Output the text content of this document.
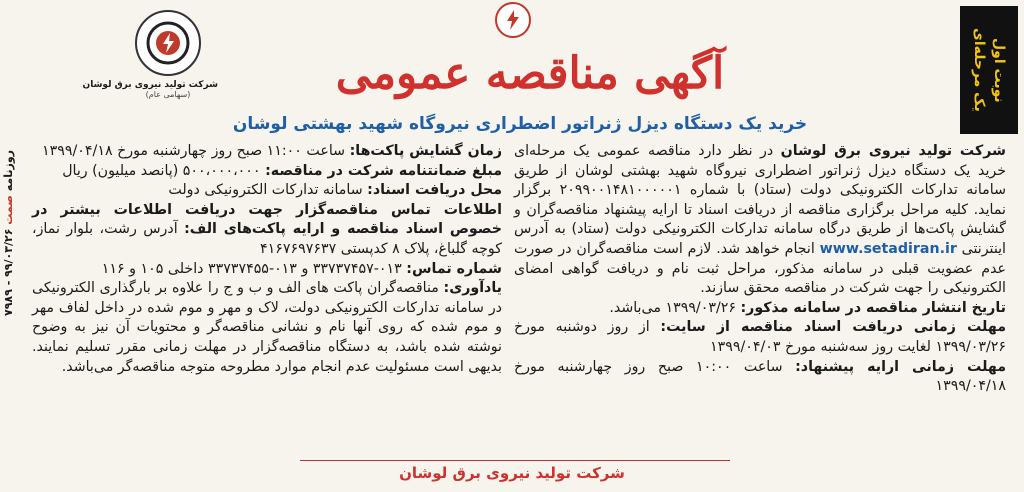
نوبت اول
یک مرحله‌ای
شرکت تولید نیروی برق لوشان
(سهامی عام)
روزنامه صمت ۹۹/۰۳/۲۶ - ۷۹۸۹
آگهی مناقصه عمومی
خرید یک دستگاه دیزل ژنراتور اضطراری نیروگاه شهید بهشتی لوشان

شرکت تولید نیروی برق لوشان در نظر دارد مناقصه عمومی یک مرحله‌ای خرید یک دستگاه دیزل ژنراتور اضطراری نیروگاه شهید بهشتی لوشان از طریق سامانه تدارکات الکترونیکی دولت (ستاد) با شماره ۲۰۹۹۰۰۱۴۸۱۰۰۰۰۰۱ برگزار نماید. کلیه مراحل برگزاری مناقصه از دریافت اسناد تا ارایه پیشنهاد مناقصه‌گران و گشایش پاکت‌ها از طریق درگاه سامانه تدارکات الکترونیکی دولت (ستاد) به آدرس اینترنتی www.setadiran.ir انجام خواهد شد. لازم است مناقصه‌گران در صورت عدم عضویت قبلی در سامانه مذکور، مراحل ثبت نام و دریافت گواهی امضای الکترونیکی را جهت شرکت در مناقصه محقق سازند.

تاریخ انتشار مناقصه در سامانه مذکور: ۱۳۹۹/۰۳/۲۶ می‌باشد.

مهلت زمانی دریافت اسناد مناقصه از سایت: از روز دوشنبه مورخ ۱۳۹۹/۰۳/۲۶ لغایت روز سه‌شنبه مورخ ۱۳۹۹/۰۴/۰۳

مهلت زمانی ارایه پیشنهاد: ساعت ۱۰:۰۰ صبح روز چهارشنبه مورخ ۱۳۹۹/۰۴/۱۸

زمان گشایش پاکت‌ها: ساعت ۱۱:۰۰ صبح روز چهارشنبه مورخ ۱۳۹۹/۰۴/۱۸

مبلغ ضمانتنامه شرکت در مناقصه: ۵۰۰،۰۰۰،۰۰۰ (پانصد میلیون) ریال

محل دریافت اسناد: سامانه تدارکات الکترونیکی دولت

اطلاعات تماس مناقصه‌گزار جهت دریافت اطلاعات بیشتر در خصوص اسناد مناقصه و ارایه پاکت‌های الف: آدرس رشت، بلوار نماز، کوچه گلباغ، پلاک ۸ کدپستی ۴۱۶۷۶۹۷۶۳۷

شماره تماس: ۰۱۳-۳۳۷۳۷۴۵۷ و ۰۱۳-۳۳۷۳۷۴۵۵ داخلی ۱۰۵ و ۱۱۶

یادآوری: مناقصه‌گران پاکت های الف و ب و ج را علاوه بر بارگذاری الکترونیکی در سامانه تدارکات الکترونیکی دولت، لاک و مهر و موم شده در داخل لفاف مهر و موم شده که روی آنها نام و نشانی مناقصه‌گر و محتویات آن نیز به وضوح نوشته شده باشد، به دستگاه مناقصه‌گزار در مهلت زمانی مقرر تسلیم نمایند. بدیهی است مسئولیت عدم انجام موارد مطروحه متوجه مناقصه‌گر می‌باشد.

شرکت تولید نیروی برق لوشان
